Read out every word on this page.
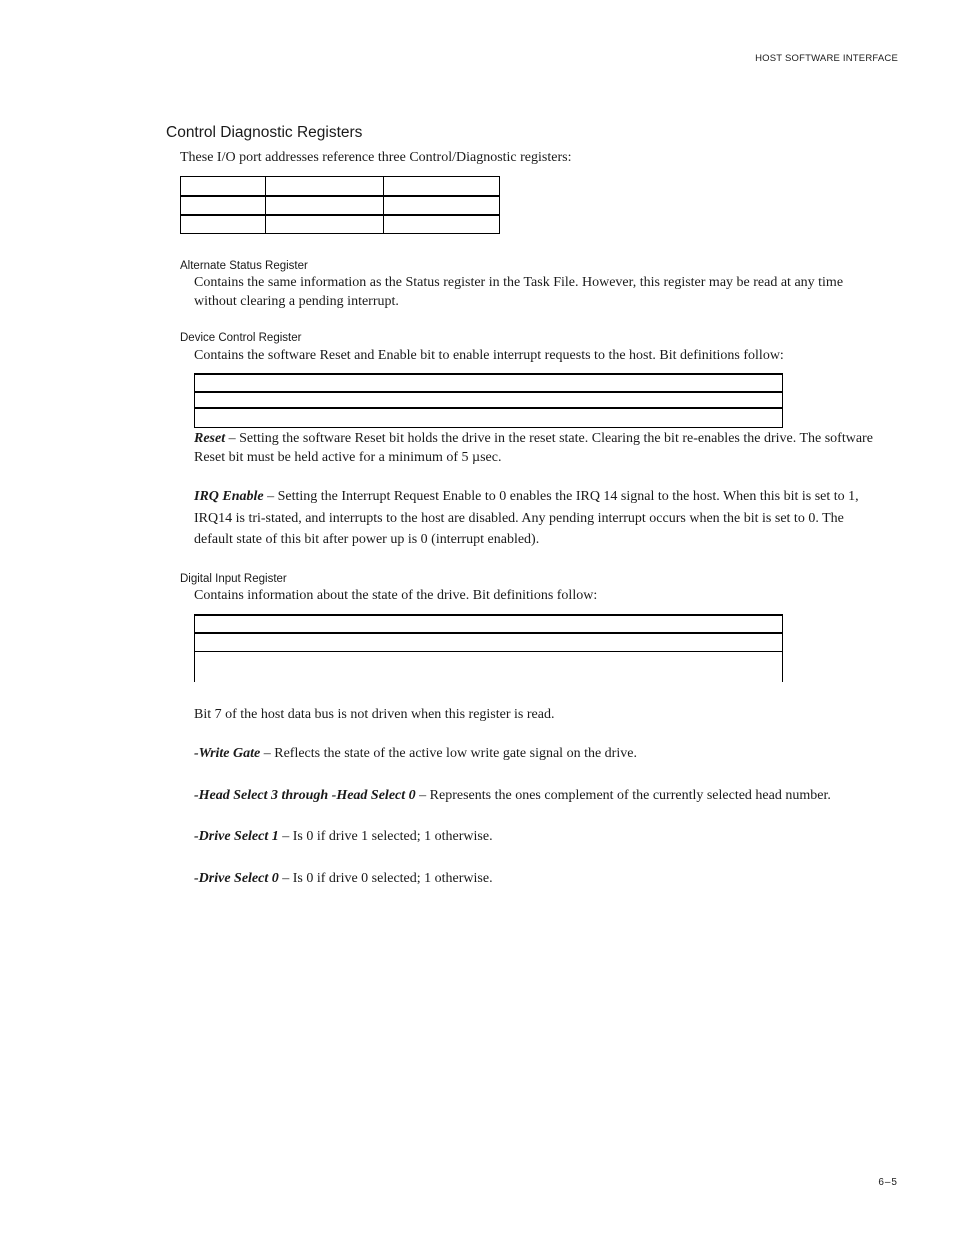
HOST SOFTWARE INTERFACE
Control Diagnostic Registers
These I/O port addresses reference three Control/Diagnostic registers:
Alternate Status Register
Contains the same information as the Status register in the Task File. However, this register may be read at any time without clearing a pending interrupt.
Device Control Register
Contains the software Reset and Enable bit to enable interrupt requests to the host. Bit definitions follow:
Reset – Setting the software Reset bit holds the drive in the reset state. Clearing the bit re-enables the drive. The software Reset bit must be held active for a minimum of 5 µsec.
IRQ Enable – Setting the Interrupt Request Enable to 0 enables the IRQ 14 signal to the host. When this bit is set to 1, IRQ14 is tri-stated, and interrupts to the host are disabled. Any pending interrupt occurs when the bit is set to 0. The default state of this bit after power up is 0 (interrupt enabled).
Digital Input Register
Contains information about the state of the drive. Bit definitions follow:
Bit 7 of the host data bus is not driven when this register is read.
-Write Gate – Reflects the state of the active low write gate signal on the drive.
-Head Select 3 through -Head Select 0 – Represents the ones complement of the currently selected head number.
-Drive Select 1 – Is 0 if drive 1 selected; 1 otherwise.
-Drive Select 0 – Is 0 if drive 0 selected; 1 otherwise.
6–5
